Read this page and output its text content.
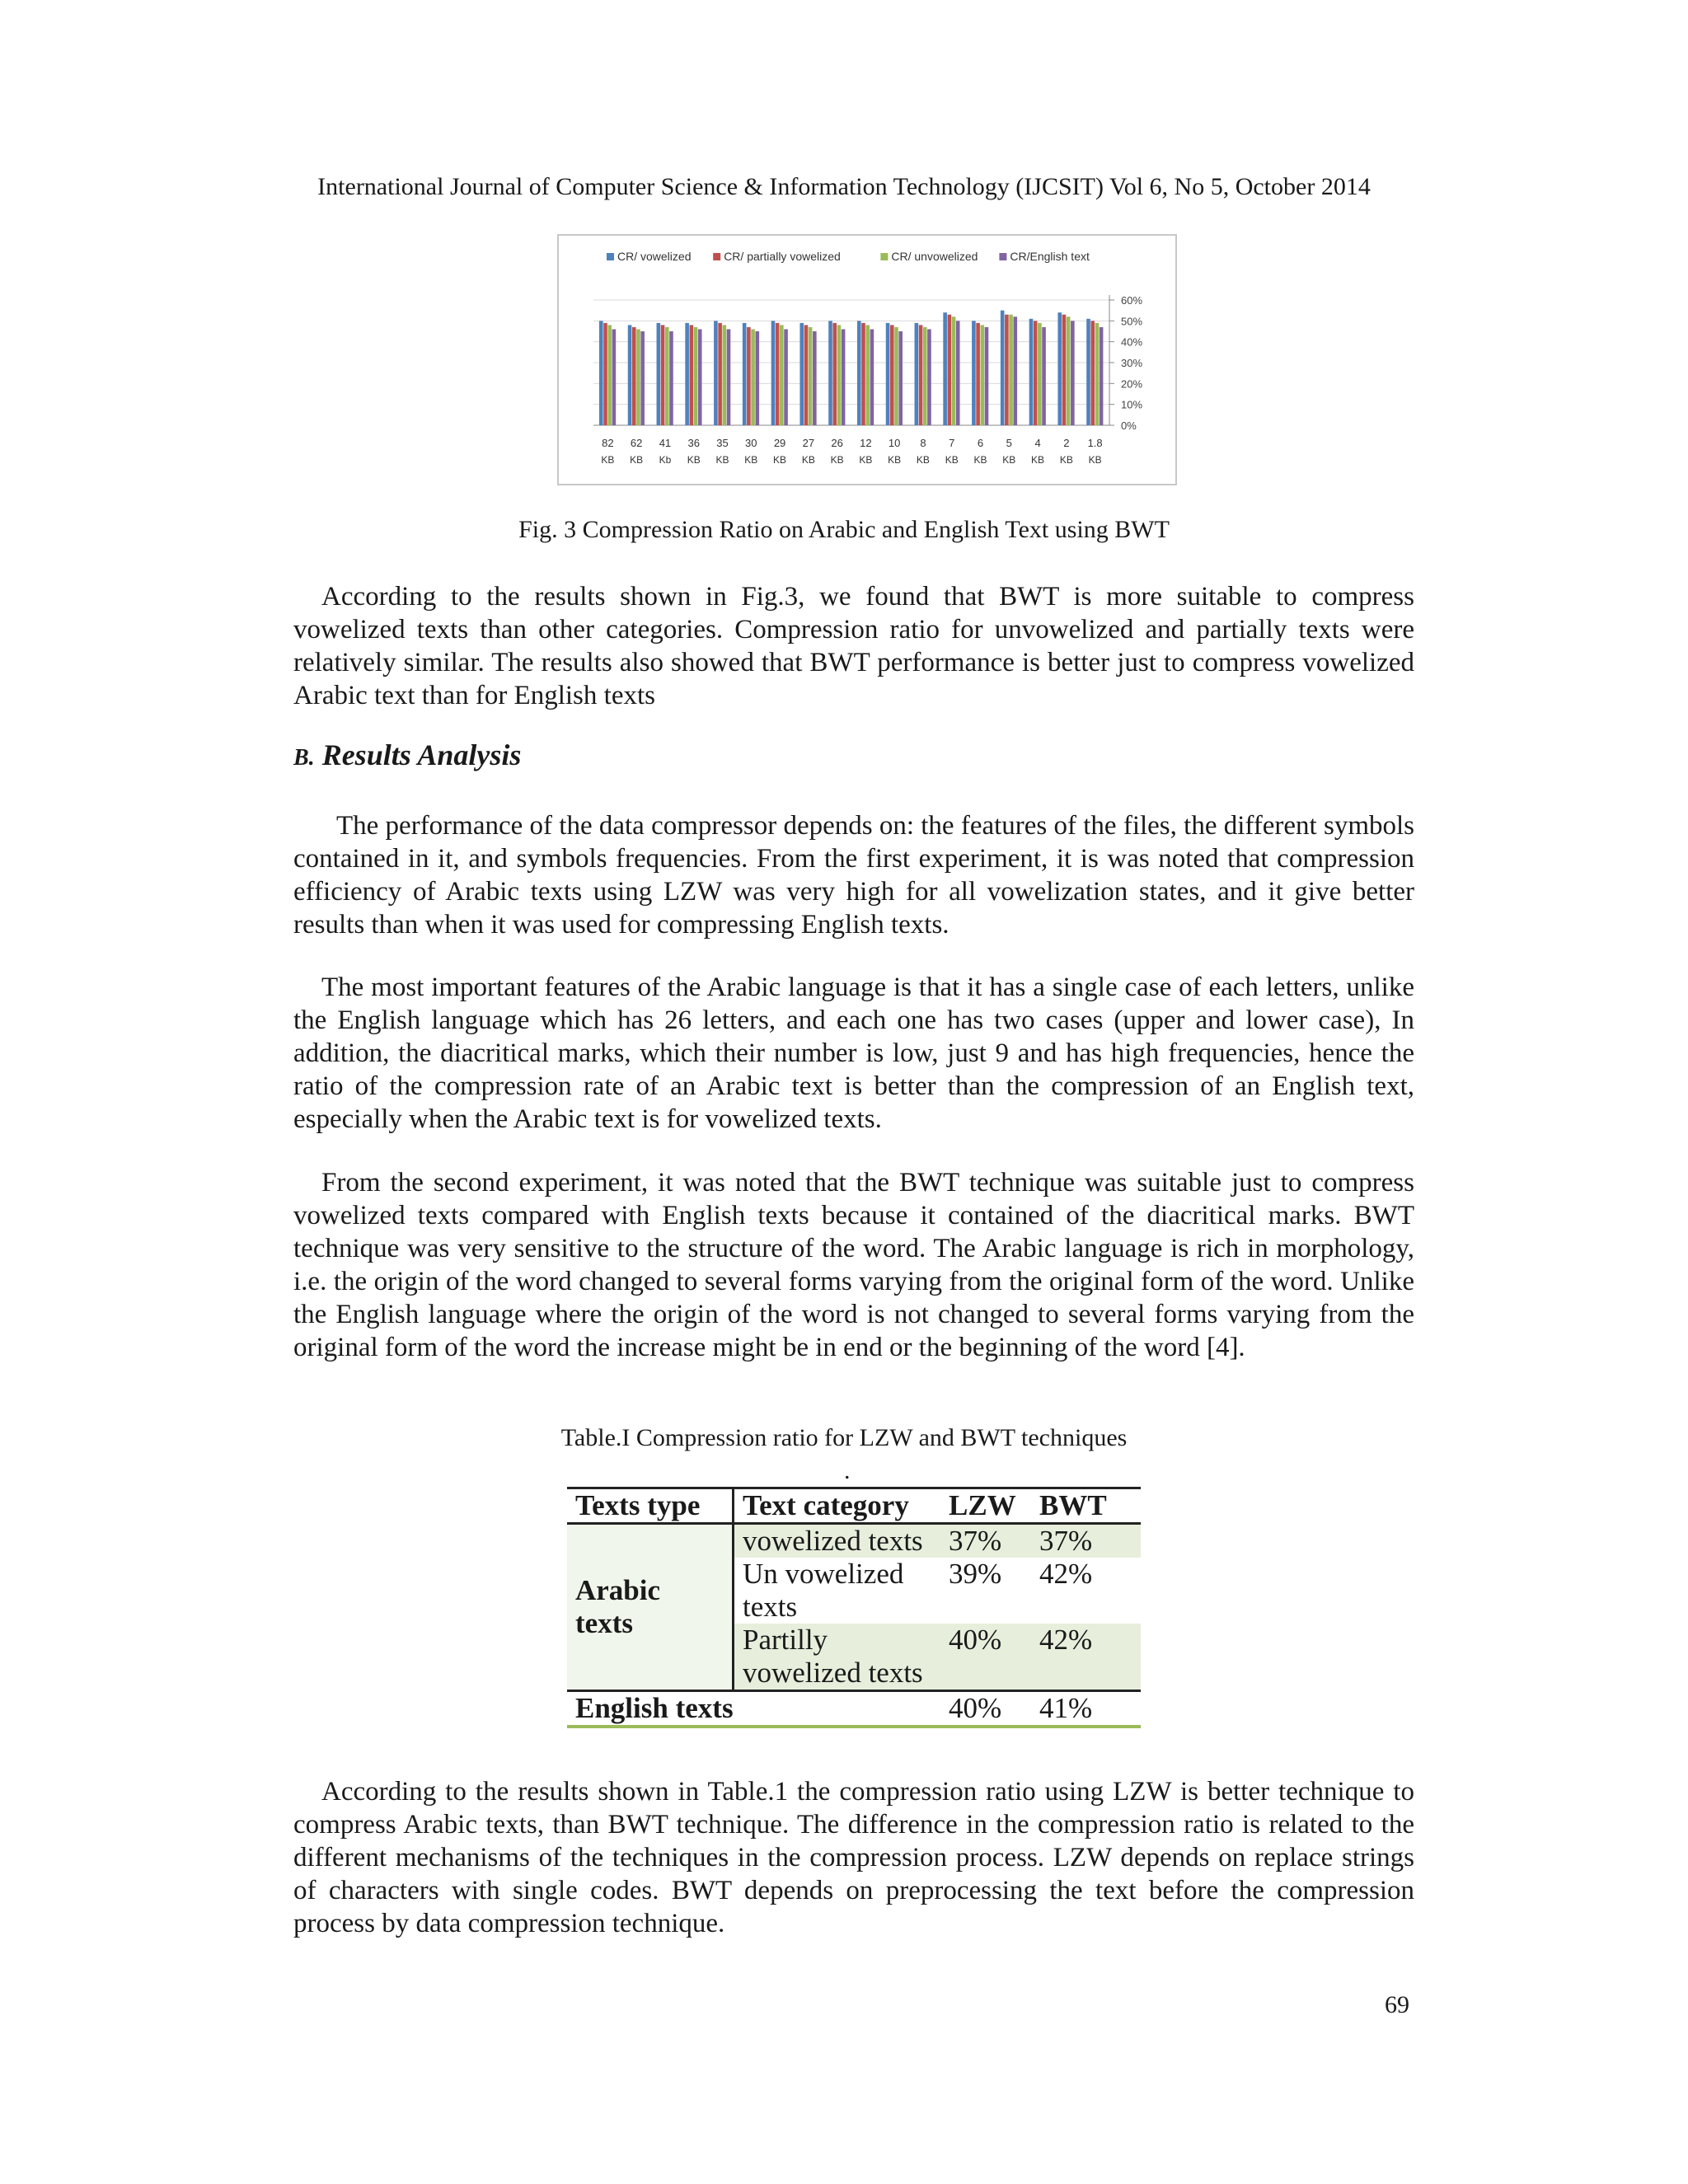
International Journal of Computer Science & Information Technology (IJCSIT) Vol 6, No 5, October 2014
60%
50%
40%
30%
20%
10%
0%
CR/ vowelized	CR/ partially vowelized	CR/ unvowelized	CR/English text
82
KB
62
KB
41
Kb
36
KB
35
KB
30
KB
29
KB
27
KB
26
KB
12
KB
10
KB
8
KB
7
KB
6
KB
5
KB
4
KB
2
KB
1.8
KB
Fig. 3 Compression Ratio on Arabic and English Text using BWT

According to the results shown in Fig.3, we found that BWT is more suitable to compress vowelized texts than other categories. Compression ratio for unvowelized and partially texts were relatively similar. The results also showed that BWT performance is better just to compress vowelized Arabic text than for English texts

B. Results Analysis

The performance of the data compressor depends on: the features of the files, the different symbols contained in it, and symbols frequencies. From the first experiment, it is was noted that compression efficiency of Arabic texts using LZW was very high for all vowelization states, and it give better results than when it was used for compressing English texts.

The most important features of the Arabic language is that it has a single case of each letters, unlike the English language which has 26 letters, and each one has two cases (upper and lower case), In addition, the diacritical marks, which their number is low, just 9 and has high frequencies, hence the ratio of the compression rate of an Arabic text is better than the compression of an English text, especially when the Arabic text is for vowelized texts.

From the second experiment, it was noted that the BWT technique was suitable just to compress vowelized texts compared with English texts because it contained of the diacritical marks. BWT technique was very sensitive to the structure of the word. The Arabic language is rich in morphology, i.e. the origin of the word changed to several forms varying from the original form of the word. Unlike the English language where the origin of the word is not changed to several forms varying from the original form of the word the increase might be in end or the beginning of the word [4].

Table.I Compression ratio for LZW and BWT techniques
.
Texts type	Text category	LZW	BWT
Arabic texts	vowelized texts	37%	37%
	Un vowelized texts	39%	42%
	Partilly vowelized texts	40%	42%
English texts		40%	41%

According to the results shown in Table.1 the compression ratio using LZW is better technique to compress Arabic texts, than BWT technique. The difference in the compression ratio is related to the different mechanisms of the techniques in the compression process. LZW depends on replace strings of characters with single codes. BWT depends on preprocessing the text before the compression process by data compression technique.

69
